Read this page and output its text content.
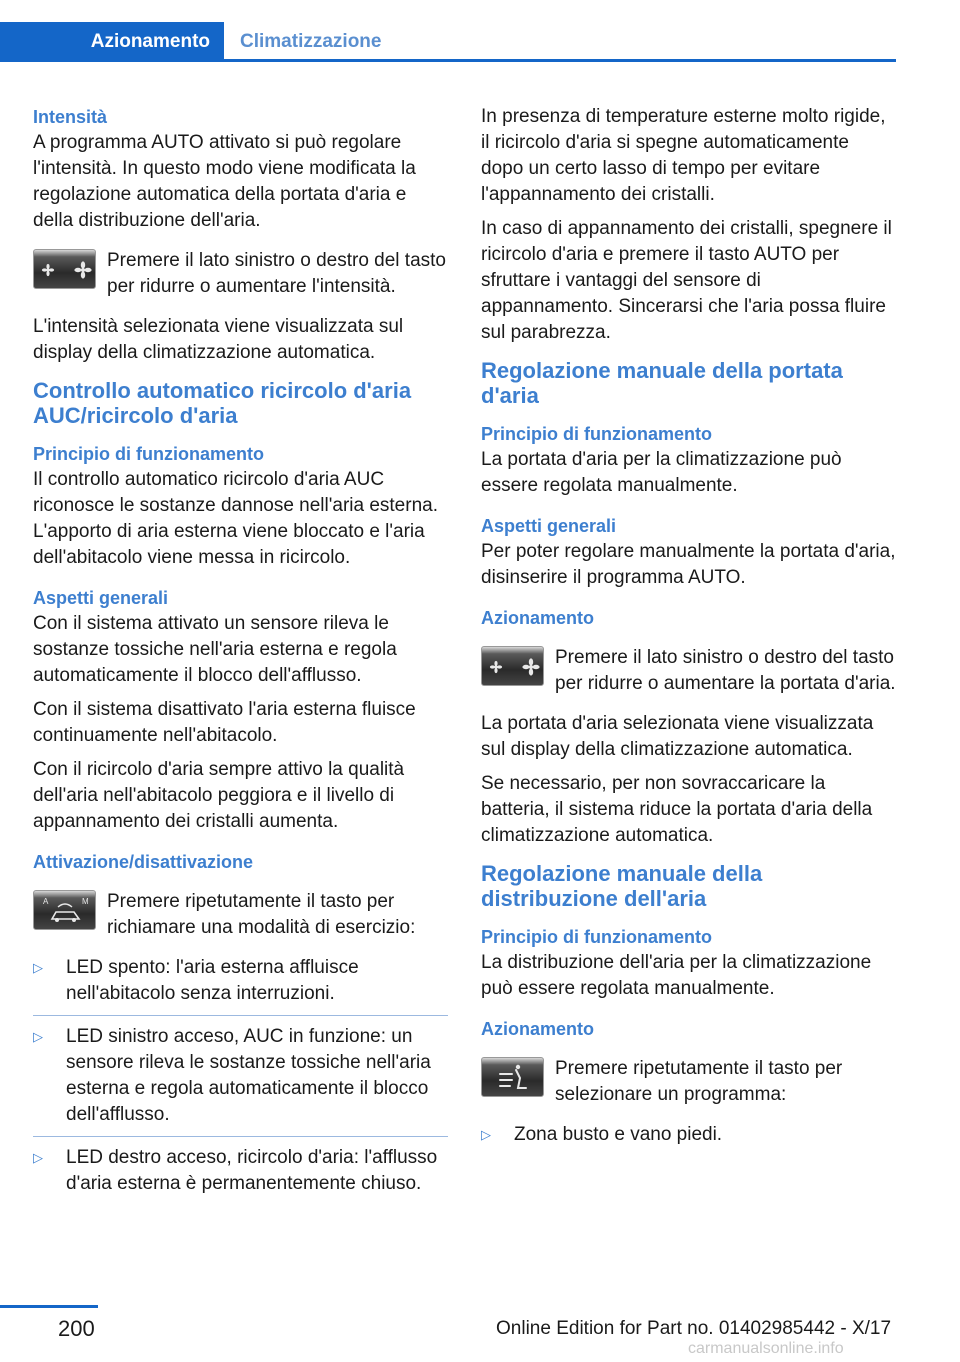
Azionamento	Climatizzazione
Intensità

A programma AUTO attivato si può regolare l'intensità. In questo modo viene modificata la regolazione automatica della portata d'aria e della distribuzione dell'aria.

Premere il lato sinistro o destro del tasto per ridurre o aumentare l'intensità.

L'intensità selezionata viene visualizzata sul display della climatizzazione automatica.

Controllo automatico ricircolo d'aria AUC/ricircolo d'aria
Principio di funzionamento

Il controllo automatico ricircolo d'aria AUC riconosce le sostanze dannose nell'aria esterna. L'apporto di aria esterna viene bloccato e l'aria dell'abitacolo viene messa in ricircolo.

Aspetti generali

Con il sistema attivato un sensore rileva le sostanze tossiche nell'aria esterna e regola automaticamente il blocco dell'afflusso.

Con il sistema disattivato l'aria esterna fluisce continuamente nell'abitacolo.

Con il ricircolo d'aria sempre attivo la qualità dell'aria nell'abitacolo peggiora e il livello di appannamento dei cristalli aumenta.

Attivazione/disattivazione
A	M Premere ripetutamente il tasto per richiamare una modalità di esercizio:
▷	LED spento: l'aria esterna affluisce nell'abitacolo senza interruzioni.
▷	LED sinistro acceso, AUC in funzione: un sensore rileva le sostanze tossiche nell'aria esterna e regola automaticamente il blocco dell'afflusso.
▷	LED destro acceso, ricircolo d'aria: l'afflusso d'aria esterna è permanentemente chiuso.

In presenza di temperature esterne molto rigide, il ricircolo d'aria si spegne automaticamente dopo un certo lasso di tempo per evitare l'appannamento dei cristalli.

In caso di appannamento dei cristalli, spegnere il ricircolo d'aria e premere il tasto AUTO per sfruttare i vantaggi del sensore di appannamento. Sincerarsi che l'aria possa fluire sul parabrezza.

Regolazione manuale della portata d'aria
Principio di funzionamento

La portata d'aria per la climatizzazione può essere regolata manualmente.

Aspetti generali

Per poter regolare manualmente la portata d'aria, disinserire il programma AUTO.

Azionamento
Premere il lato sinistro o destro del tasto per ridurre o aumentare la portata d'aria.

La portata d'aria selezionata viene visualizzata sul display della climatizzazione automatica.

Se necessario, per non sovraccaricare la batteria, il sistema riduce la portata d'aria della climatizzazione automatica.

Regolazione manuale della distribuzione dell'aria
Principio di funzionamento

La distribuzione dell'aria per la climatizzazione può essere regolata manualmente.

Azionamento
Premere ripetutamente il tasto per selezionare un programma:
▷	Zona busto e vano piedi.
200	Online Edition for Part no. 01402985442 - X/17
carmanualsonline.info
